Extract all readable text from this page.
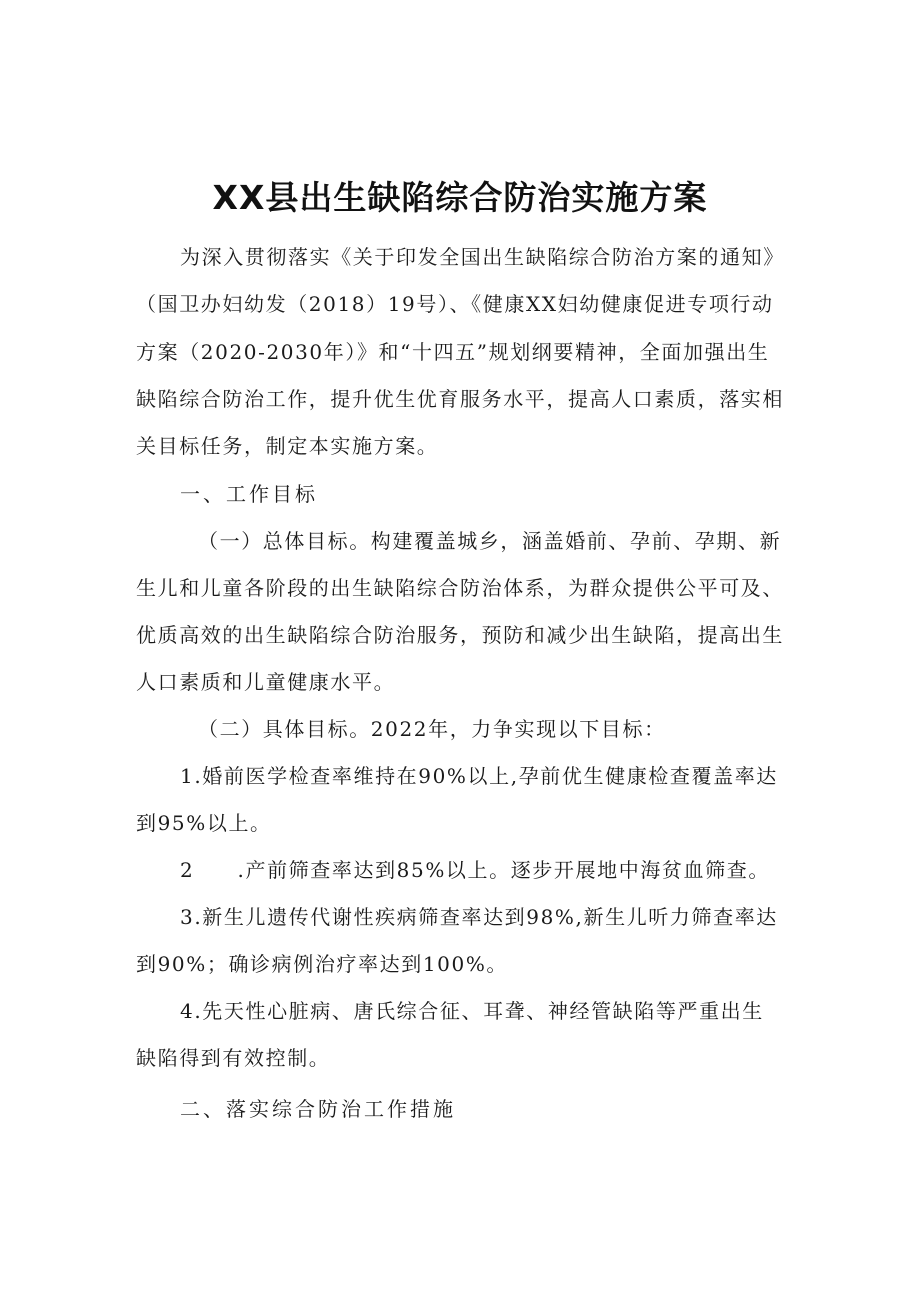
XX县出生缺陷综合防治实施方案

为深入贯彻落实《关于印发全国出生缺陷综合防治方案的通知》

（国卫办妇幼发（2018）19号）、《健康XX妇幼健康促进专项行动

方案（2020-2030年）》和“十四五”规划纲要精神，全面加强出生

缺陷综合防治工作，提升优生优育服务水平，提高人口素质，落实相

关目标任务，制定本实施方案。

一、工作目标

（一）总体目标。构建覆盖城乡，涵盖婚前、孕前、孕期、新

生儿和儿童各阶段的出生缺陷综合防治体系，为群众提供公平可及、

优质高效的出生缺陷综合防治服务，预防和减少出生缺陷，提高出生

人口素质和儿童健康水平。

（二）具体目标。2022年，力争实现以下目标：

1.婚前医学检查率维持在90%以上,孕前优生健康检查覆盖率达

到95%以上。

2　　.产前筛查率达到85%以上。逐步开展地中海贫血筛查。

3.新生儿遗传代谢性疾病筛查率达到98%,新生儿听力筛查率达

到90%；确诊病例治疗率达到100%。

4.先天性心脏病、唐氏综合征、耳聋、神经管缺陷等严重出生

缺陷得到有效控制。

二、落实综合防治工作措施
